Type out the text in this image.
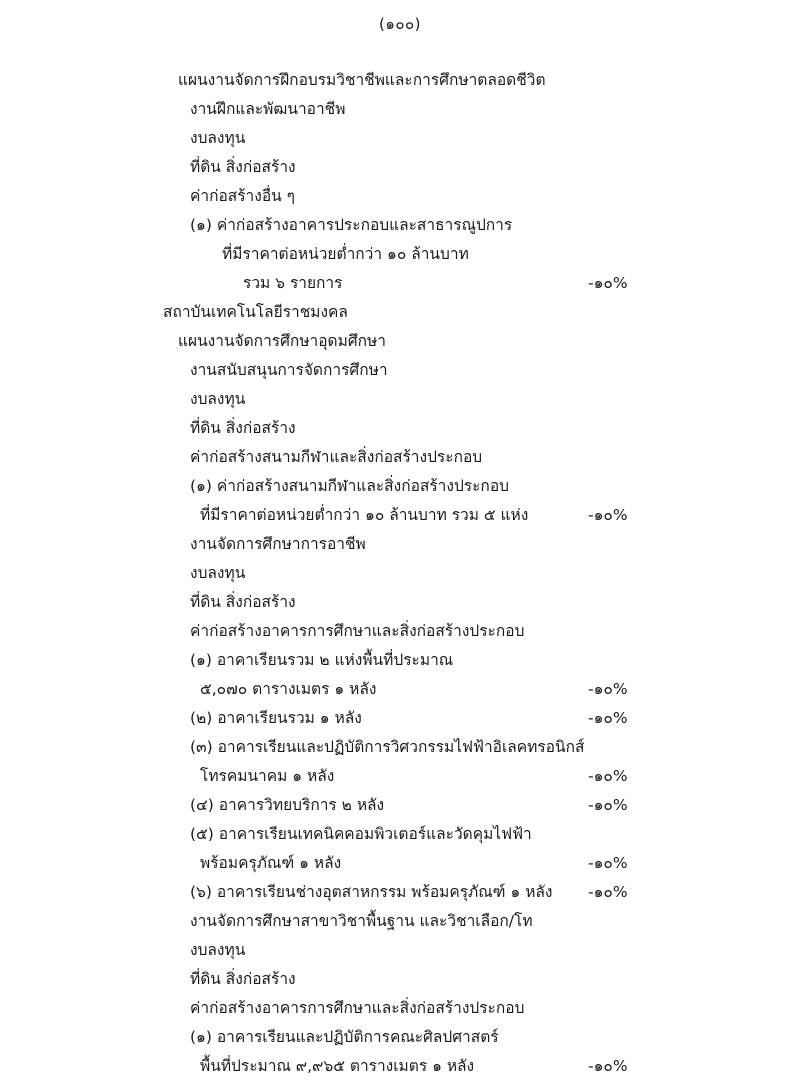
(๑๐๐)
แผนงานจัดการฝึกอบรมวิชาชีพและการศึกษาตลอดชีวิต
งานฝึกและพัฒนาอาชีพ
งบลงทุน
ที่ดิน สิ่งก่อสร้าง
ค่าก่อสร้างอื่น ๆ
(๑) ค่าก่อสร้างอาคารประกอบและสาธารณูปการ
ที่มีราคาต่อหน่วยต่ำกว่า ๑๐ ล้านบาท
รวม ๖ รายการ	-๑๐%
สถาบันเทคโนโลยีราชมงคล
แผนงานจัดการศึกษาอุดมศึกษา
งานสนับสนุนการจัดการศึกษา
งบลงทุน
ที่ดิน สิ่งก่อสร้าง
ค่าก่อสร้างสนามกีฬาและสิ่งก่อสร้างประกอบ
(๑) ค่าก่อสร้างสนามกีฬาและสิ่งก่อสร้างประกอบ
ที่มีราคาต่อหน่วยต่ำกว่า ๑๐ ล้านบาท รวม ๕ แห่ง	-๑๐%
งานจัดการศึกษาการอาชีพ
งบลงทุน
ที่ดิน สิ่งก่อสร้าง
ค่าก่อสร้างอาคารการศึกษาและสิ่งก่อสร้างประกอบ
(๑) อาคาเรียนรวม ๒ แห่งพื้นที่ประมาณ
๕,๐๗๐ ตารางเมตร ๑ หลัง	-๑๐%
(๒) อาคาเรียนรวม ๑ หลัง	-๑๐%
(๓) อาคารเรียนและปฏิบัติการวิศวกรรมไฟฟ้าอิเลคทรอนิกส์
โทรคมนาคม ๑ หลัง	-๑๐%
(๔) อาคารวิทยบริการ ๒ หลัง	-๑๐%
(๕) อาคารเรียนเทคนิคคอมพิวเตอร์และวัดคุมไฟฟ้า
พร้อมครุภัณฑ์ ๑ หลัง	-๑๐%
(๖) อาคารเรียนช่างอุตสาหกรรม พร้อมครุภัณฑ์ ๑ หลัง -๑๐%
งานจัดการศึกษาสาขาวิชาพื้นฐาน และวิชาเลือก/โท
งบลงทุน
ที่ดิน สิ่งก่อสร้าง
ค่าก่อสร้างอาคารการศึกษาและสิ่งก่อสร้างประกอบ
(๑) อาคารเรียนและปฏิบัติการคณะศิลปศาสตร์
พื้นที่ประมาณ ๙,๙๖๕ ตารางเมตร ๑ หลัง	-๑๐%
